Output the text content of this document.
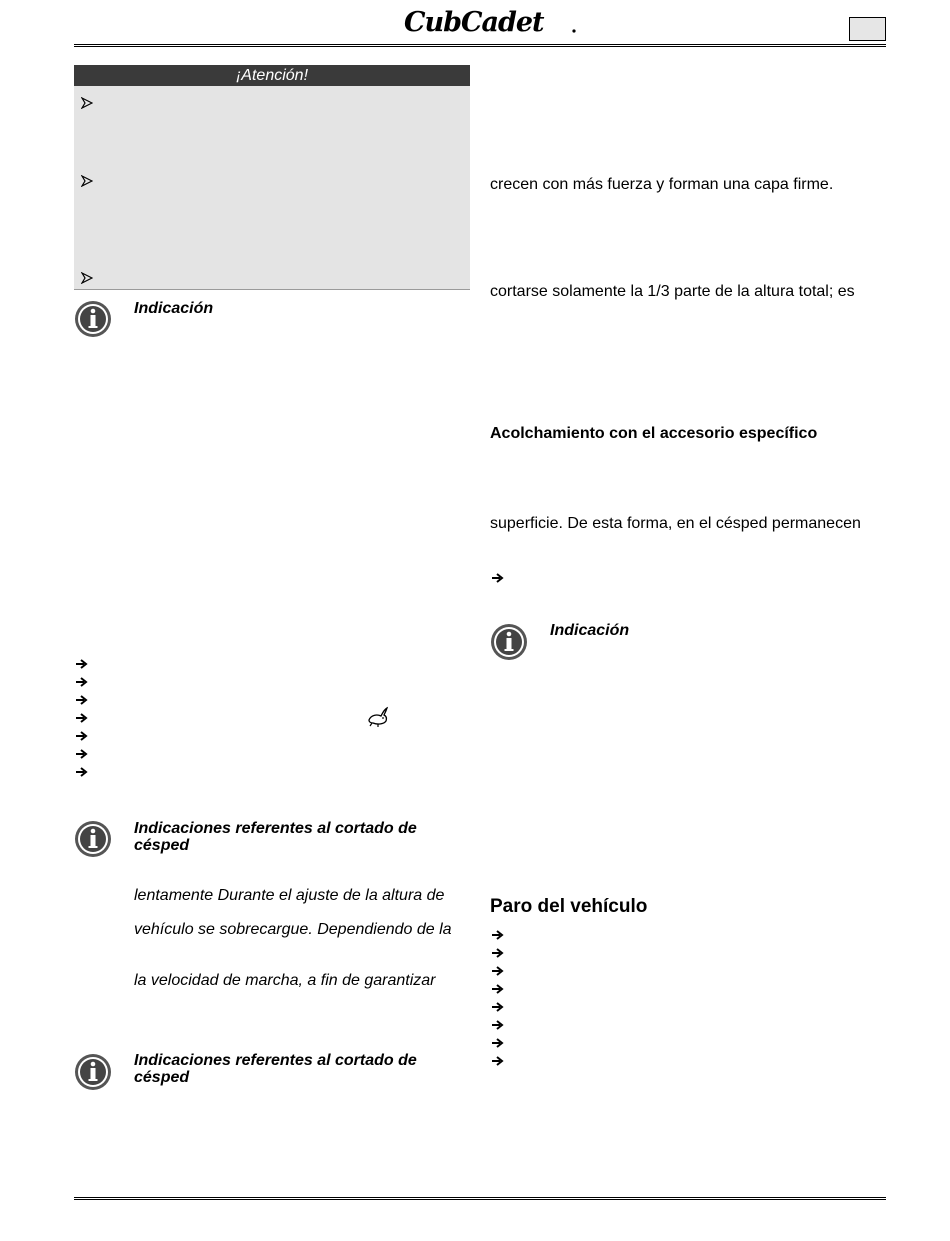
CubCadet
¡Atención!
Indicación
Indicaciones referentes al cortado de
césped
lentamente Durante el ajuste de la altura de
vehículo se sobrecargue. Dependiendo de la
la velocidad de marcha, a fin de garantizar
Indicaciones referentes al cortado de
césped
crecen con más fuerza y forman una capa firme.
cortarse solamente la 1/3 parte de la altura total; es
Acolchamiento con el accesorio específico
superficie. De esta forma, en el césped permanecen
Indicación
Paro del vehículo
